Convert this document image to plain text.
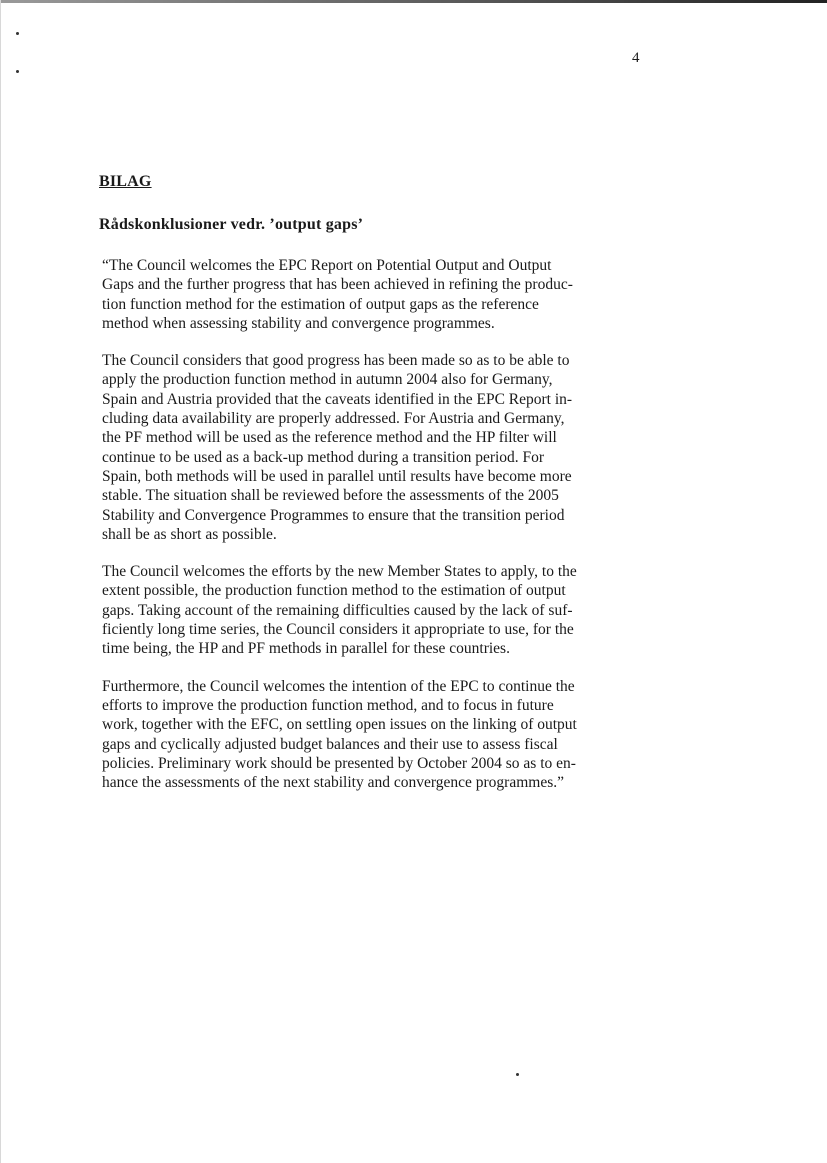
4
BILAG
Rådskonklusioner vedr. ’output gaps’

“The Council welcomes the EPC Report on Potential Output and Output
Gaps and the further progress that has been achieved in refining the produc-
tion function method for the estimation of output gaps as the reference
method when assessing stability and convergence programmes.

The Council considers that good progress has been made so as to be able to
apply the production function method in autumn 2004 also for Germany,
Spain and Austria provided that the caveats identified in the EPC Report in-
cluding data availability are properly addressed. For Austria and Germany,
the PF method will be used as the reference method and the HP filter will
continue to be used as a back-up method during a transition period. For
Spain, both methods will be used in parallel until results have become more
stable. The situation shall be reviewed before the assessments of the 2005
Stability and Convergence Programmes to ensure that the transition period
shall be as short as possible.

The Council welcomes the efforts by the new Member States to apply, to the
extent possible, the production function method to the estimation of output
gaps. Taking account of the remaining difficulties caused by the lack of suf-
ficiently long time series, the Council considers it appropriate to use, for the
time being, the HP and PF methods in parallel for these countries.

Furthermore, the Council welcomes the intention of the EPC to continue the
efforts to improve the production function method, and to focus in future
work, together with the EFC, on settling open issues on the linking of output
gaps and cyclically adjusted budget balances and their use to assess fiscal
policies. Preliminary work should be presented by October 2004 so as to en-
hance the assessments of the next stability and convergence programmes.”
